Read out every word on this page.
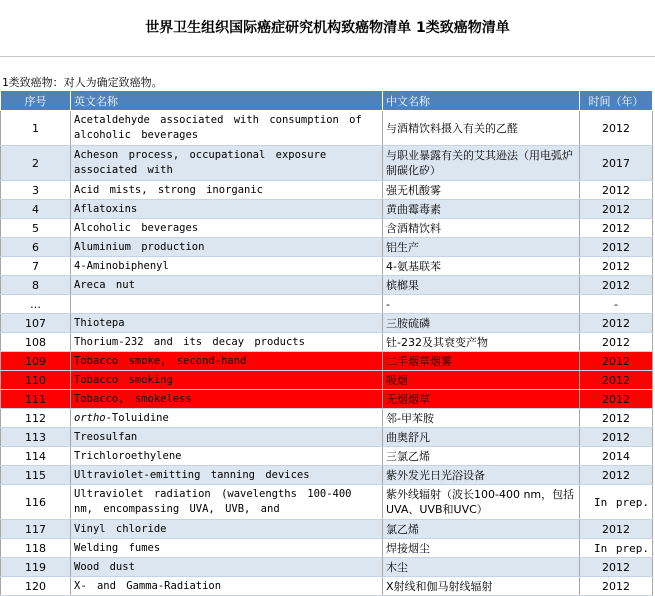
世界卫生组织国际癌症研究机构致癌物清单 1类致癌物清单
1类致癌物：对人为确定致癌物。
序号	英文名称	中文名称	时间（年）
1	Acetaldehyde associated with consumption of alcoholic beverages	与酒精饮料摄入有关的乙醛	2012
2	Acheson process, occupational exposure associated with	与职业暴露有关的艾其逊法（用电弧炉制碳化矽）	2017
3	Acid mists, strong inorganic	强无机酸雾	2012
4	Aflatoxins	黄曲霉毒素	2012
5	Alcoholic beverages	含酒精饮料	2012
6	Aluminium production	铝生产	2012
7	4-Aminobiphenyl	4-氨基联苯	2012
8	Areca nut	槟榔果	2012
…		-	-
107	Thiotepa	三胺硫磷	2012
108	Thorium-232 and its decay products	钍-232及其衰变产物	2012
109	Tobacco smoke, second-hand	二手烟草烟雾	2012
110	Tobacco smoking	吸烟	2012
111	Tobacco, smokeless	无烟烟草	2012
112	ortho-Toluidine	邻-甲苯胺	2012
113	Treosulfan	曲奥舒凡	2012
114	Trichloroethylene	三氯乙烯	2014
115	Ultraviolet-emitting tanning devices	紫外发光日光浴设备	2012
116	Ultraviolet radiation (wavelengths 100-400 nm, encompassing UVA, UVB, and	紫外线辐射（波长100-400 nm，包括UVA、UVB和UVC）	In prep.
117	Vinyl chloride	氯乙烯	2012
118	Welding fumes	焊接烟尘	In prep.
119	Wood dust	木尘	2012
120	X- and Gamma-Radiation	X射线和伽马射线辐射	2012
